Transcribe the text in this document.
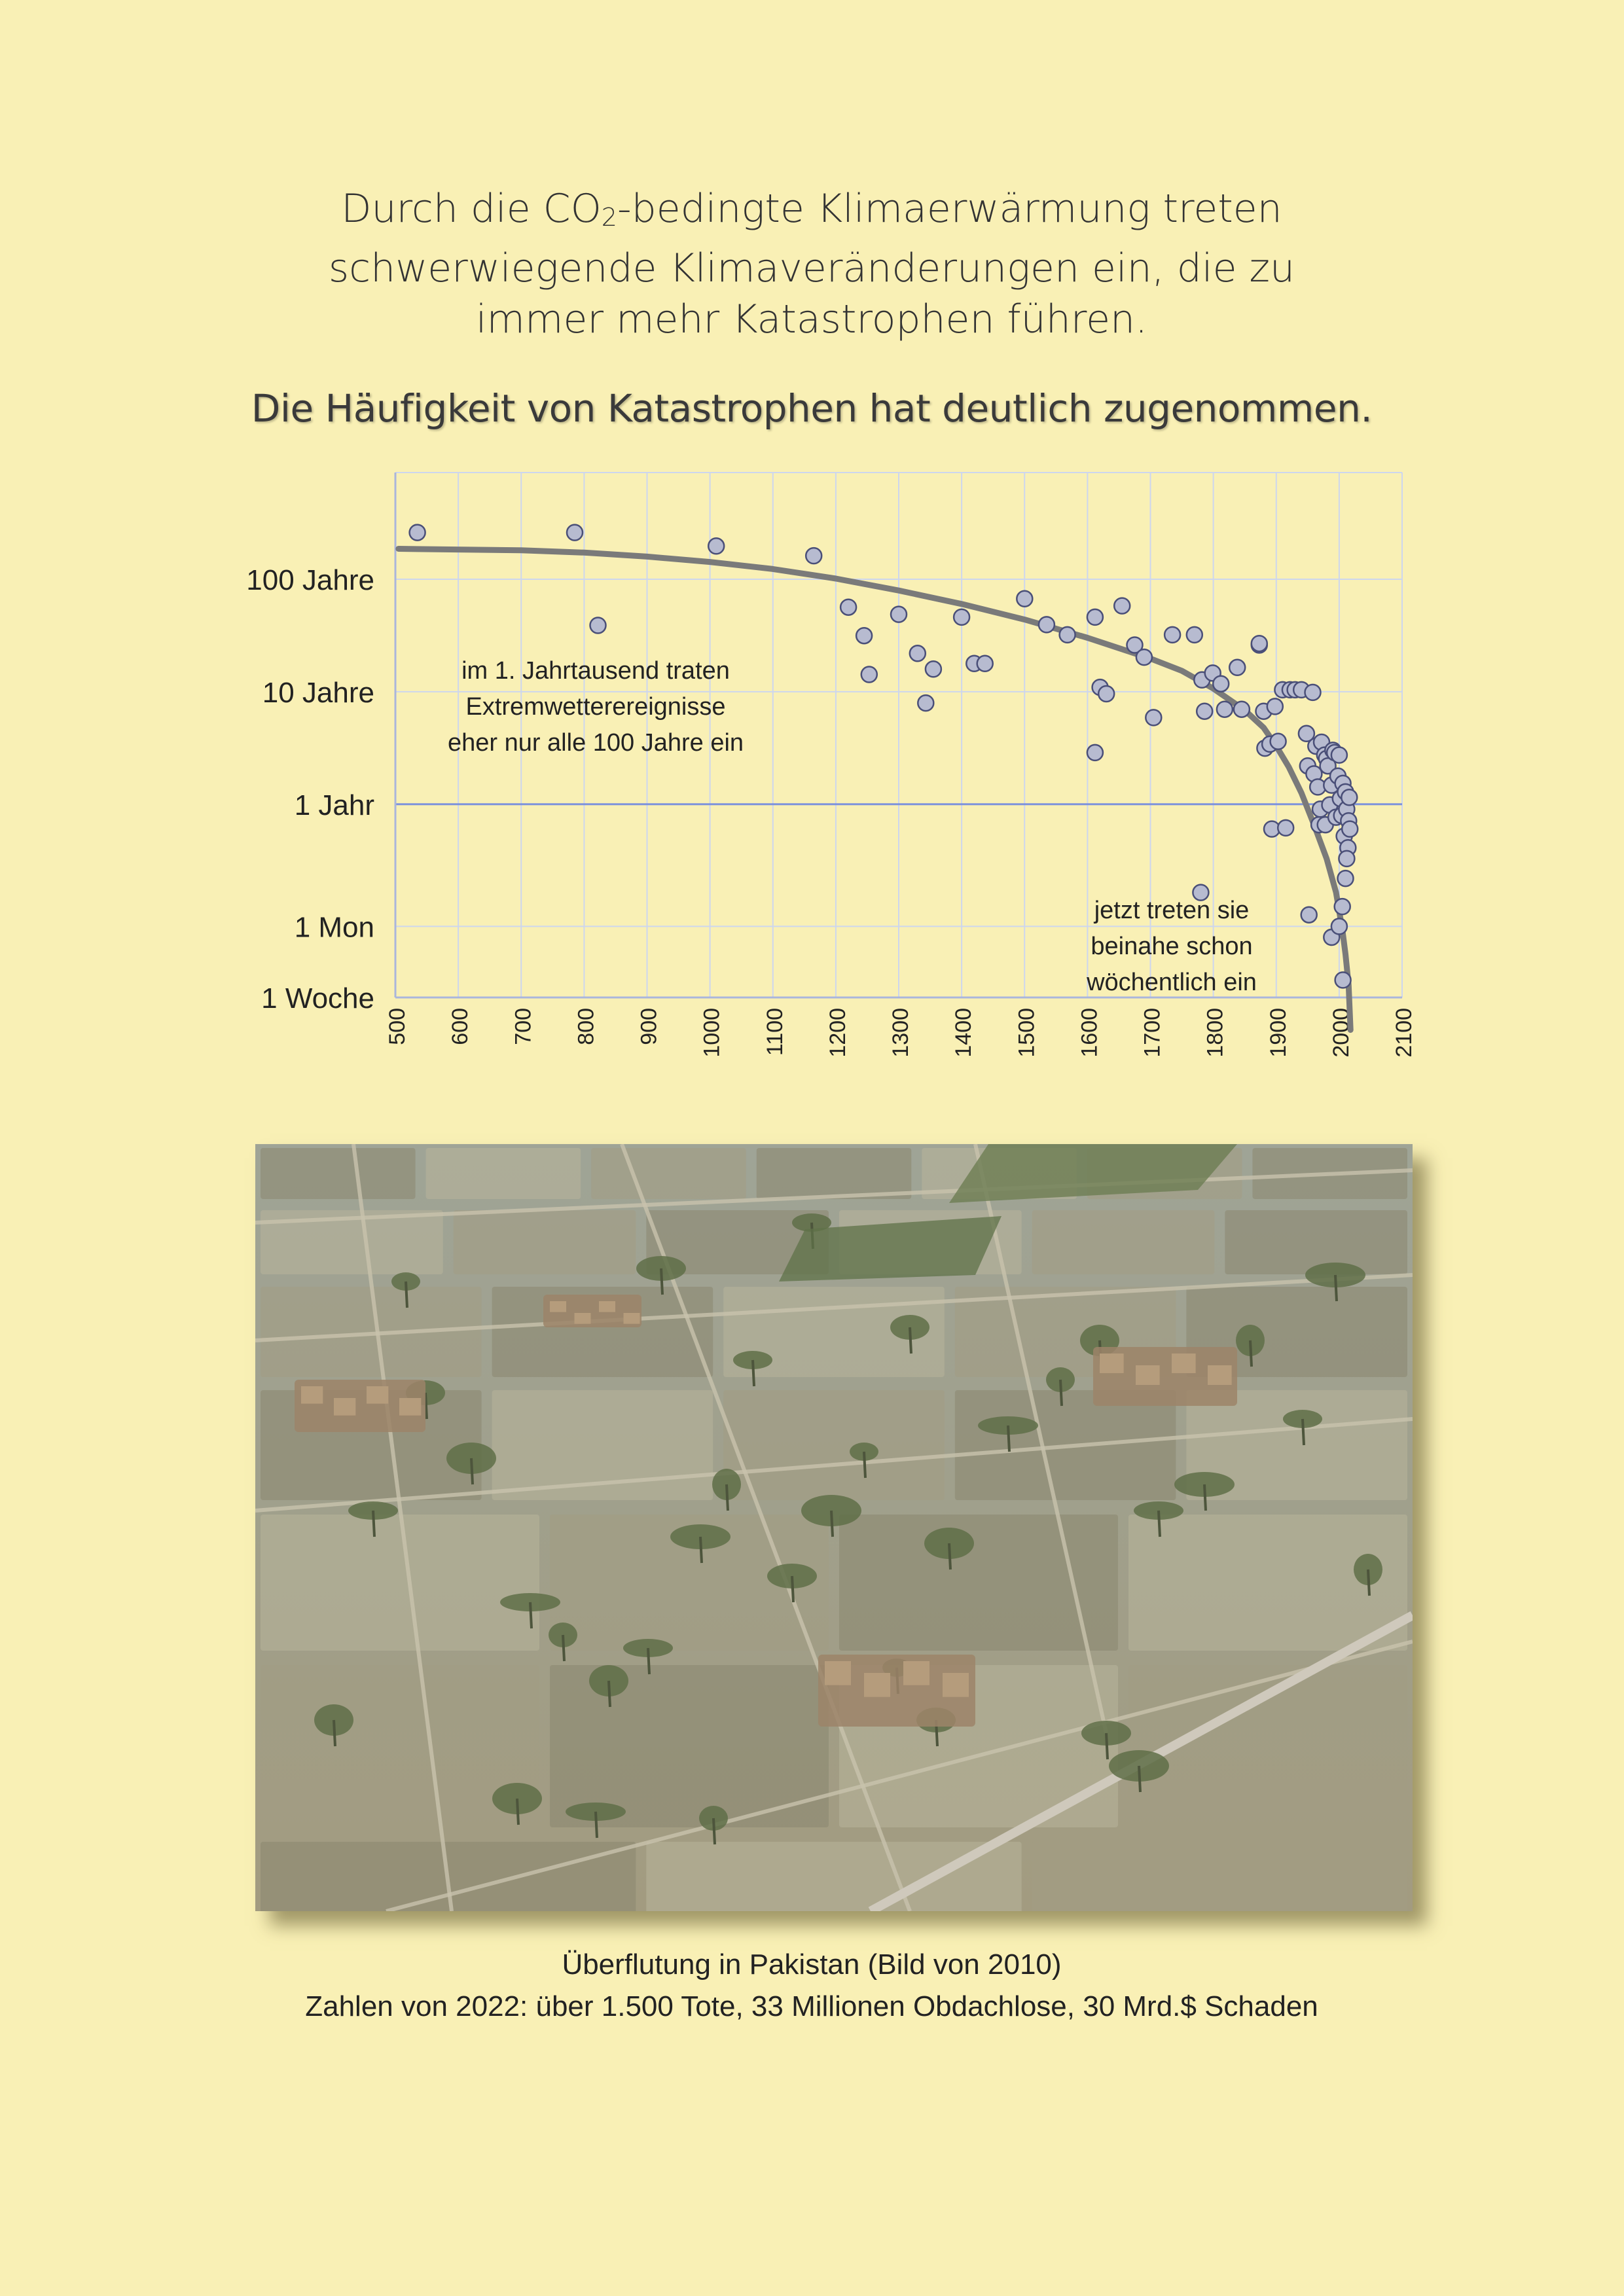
Durch die $CO_2$-bedingte Klimaerwärmung treten
schwerwiegende Klimaveränderungen ein, die zu
immer mehr Katastrophen führen.
Die Häufigkeit von Katastrophen hat deutlich zugenommen.
100 Jahre
10 Jahre
1 Jahr
1 Mon
1 Woche
500 600 700 800 900 1000 1100 1200 1300 1400 1500 1600 1700 1800 1900 2000 2100
im 1. Jahrtausend traten
Extremwetterereignisse
eher nur alle 100 Jahre ein
jetzt treten sie
beinahe schon
wöchentlich ein
Überflutung in Pakistan (Bild von 2010)
Zahlen von 2022: über 1.500 Tote, 33 Millionen Obdachlose, 30 Mrd.$ Schaden
